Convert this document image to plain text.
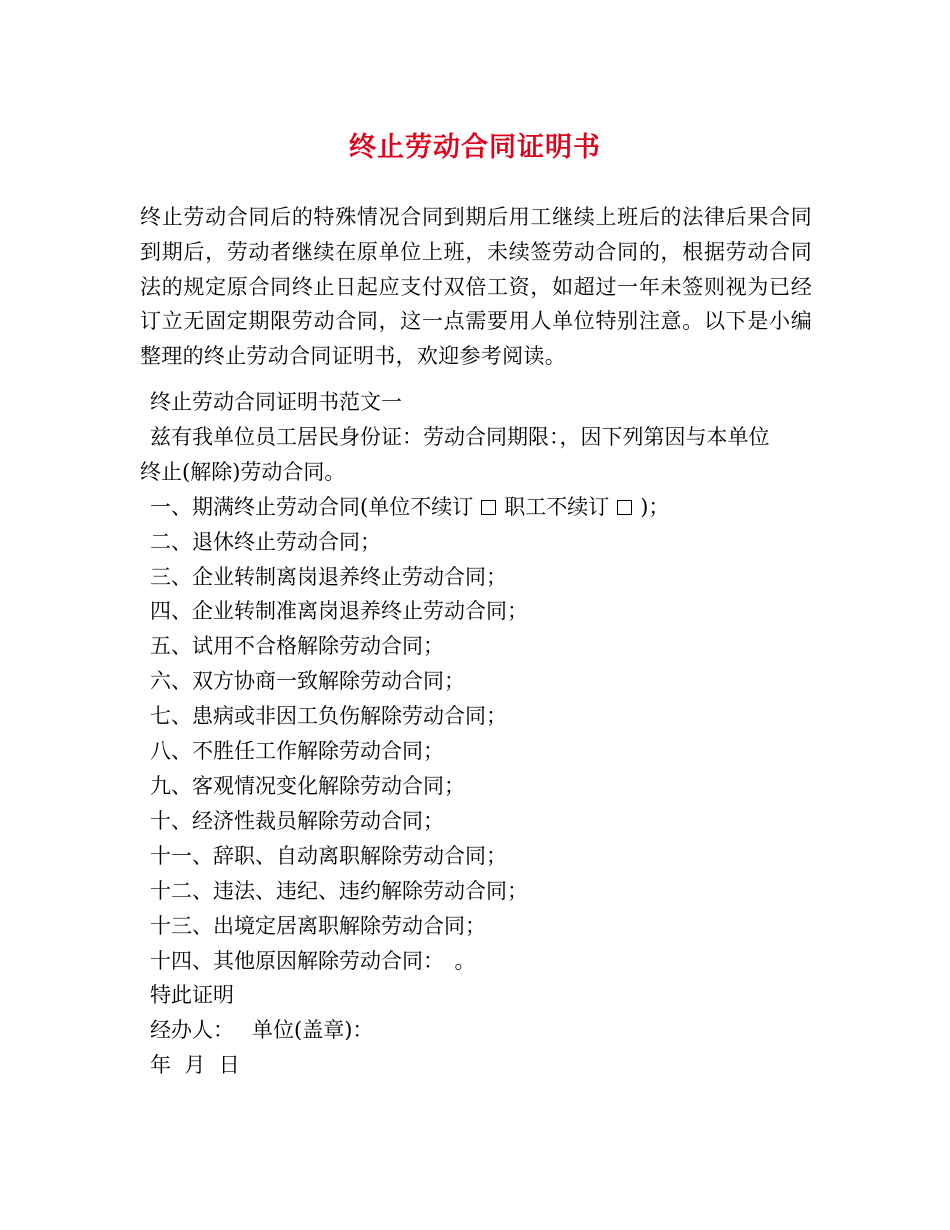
终止劳动合同证明书
终止劳动合同后的特殊情况合同到期后用工继续上班后的法律后果合同到期后，劳动者继续在原单位上班，未续签劳动合同的，根据劳动合同法的规定原合同终止日起应支付双倍工资，如超过一年未签则视为已经订立无固定期限劳动合同，这一点需要用人单位特别注意。以下是小编整理的终止劳动合同证明书，欢迎参考阅读。
终止劳动合同证明书范文一
兹有我单位员工居民身份证：劳动合同期限：，因下列第因与本单位
终止(解除)劳动合同。
一、期满终止劳动合同(单位不续订 职工不续订 )；
二、退休终止劳动合同；
三、企业转制离岗退养终止劳动合同；
四、企业转制准离岗退养终止劳动合同；
五、试用不合格解除劳动合同；
六、双方协商一致解除劳动合同；
七、患病或非因工负伤解除劳动合同；
八、不胜任工作解除劳动合同；
九、客观情况变化解除劳动合同；
十、经济性裁员解除劳动合同；
十一、辞职、自动离职解除劳动合同；
十二、违法、违纪、违约解除劳动合同；
十三、出境定居离职解除劳动合同；
十四、其他原因解除劳动合同：　。
特此证明
经办人： 单位(盖章)：
年  月  日
